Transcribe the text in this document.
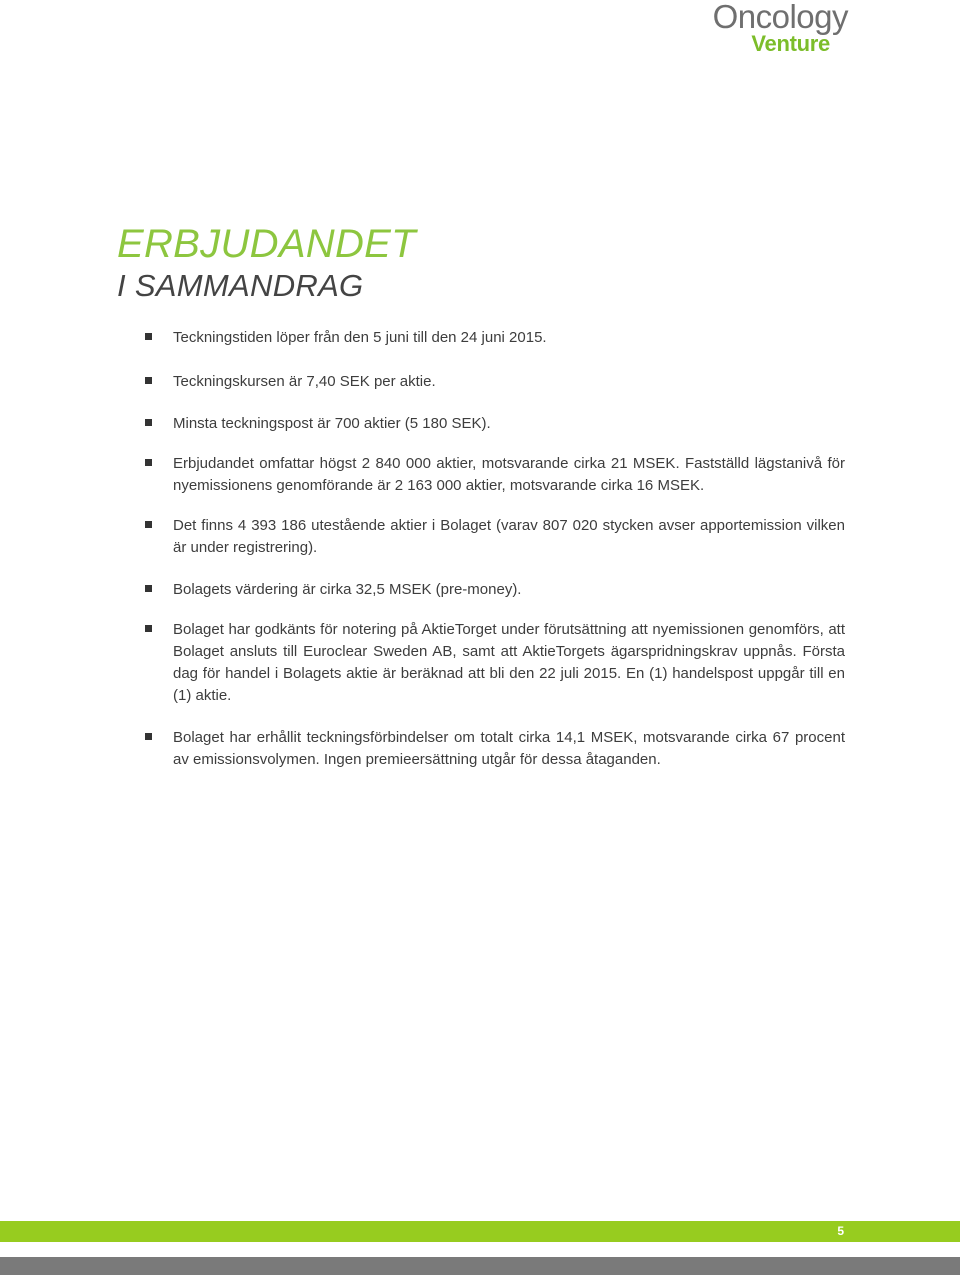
Oncology
Venture
ERBJUDANDET
I SAMMANDRAG
Teckningstiden löper från den 5 juni till den 24 juni 2015.
Teckningskursen är 7,40 SEK per aktie.
Minsta teckningspost är 700 aktier (5 180 SEK).
Erbjudandet omfattar högst 2 840 000 aktier, motsvarande cirka 21 MSEK. Fastställd lägstanivå för nyemissionens genomförande är 2 163 000 aktier, motsvarande cirka 16 MSEK.
Det finns 4 393 186 utestående aktier i Bolaget (varav 807 020 stycken avser apportemission vilken är under registrering).
Bolagets värdering är cirka 32,5 MSEK (pre-money).
Bolaget har godkänts för notering på AktieTorget under förutsättning att nyemissionen genomförs, att Bolaget ansluts till Euroclear Sweden AB, samt att AktieTorgets ägarspridningskrav uppnås. Första dag för handel i Bolagets aktie är beräknad att bli den 22 juli 2015. En (1) handelspost uppgår till en (1) aktie.
Bolaget har erhållit teckningsförbindelser om totalt cirka 14,1 MSEK, motsvarande cirka 67 procent av emissionsvolymen. Ingen premieersättning utgår för dessa åtaganden.
5
